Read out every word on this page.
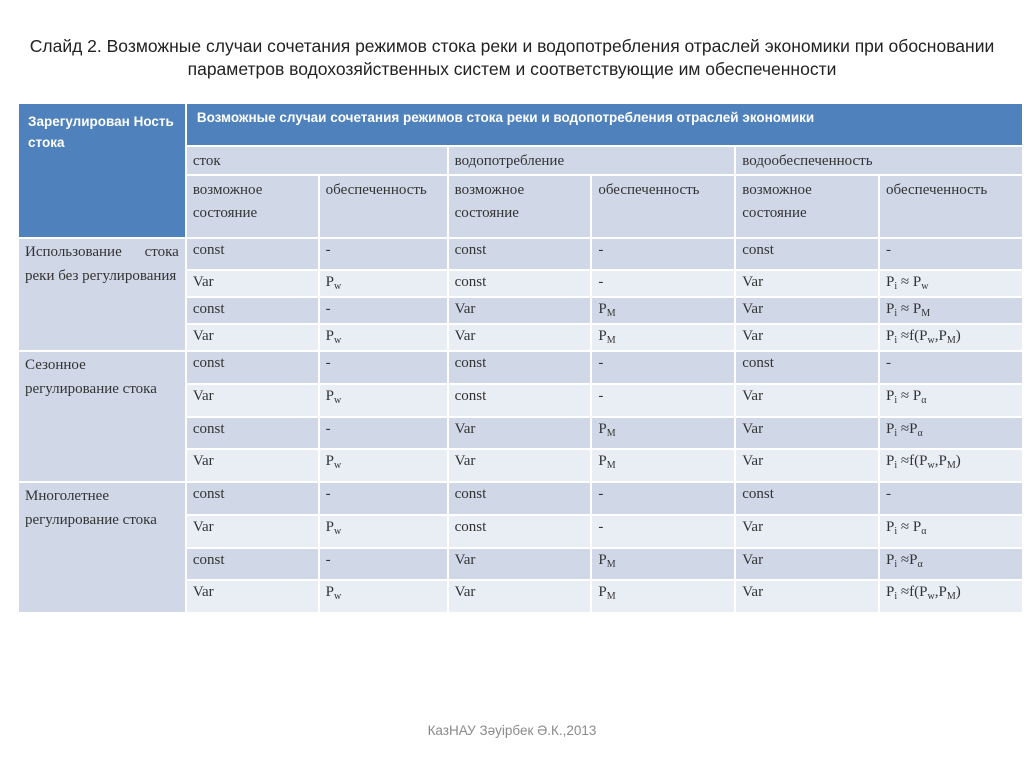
Слайд 2. Возможные случаи сочетания режимов стока реки и водопотребления отраслей экономики при обосновании параметров водохозяйственных систем и соответствующие им обеспеченности
Зарегулирован Ность стока	Возможные случаи сочетания режимов стока реки и водопотребления отраслей экономики					
	сток		водопотребление		водообеспеченность	
	возможное состояние	обеспеченность	возможное состояние	обеспеченность	возможное состояние	обеспеченность
Использование стока реки без регулирования	const	-	const	-	const	-
	Var	$P_w$	const	-	Var	$P_i \approx P_w$
	const	-	Var	$P_M$	Var	$P_i \approx P_M$
	Var	$P_w$	Var	$P_M$	Var	$P_i \approx f(P_w,P_M)$
Сезонное регулирование стока	const	-	const	-	const	-
	Var	$P_w$	const	-	Var	$P_i \approx P_\alpha$
	const	-	Var	$P_M$	Var	$P_i \approx P_\alpha$
	Var	$P_w$	Var	$P_M$	Var	$P_i \approx f(P_w,P_M)$
Многолетнее регулирование стока	const	-	const	-	const	-
	Var	$P_w$	const	-	Var	$P_i \approx P_\alpha$
	const	-	Var	$P_M$	Var	$P_i \approx P_\alpha$
	Var	$P_w$	Var	$P_M$	Var	$P_i \approx f(P_w,P_M)$
КазНАУ Зәуірбек Ә.К.,2013
